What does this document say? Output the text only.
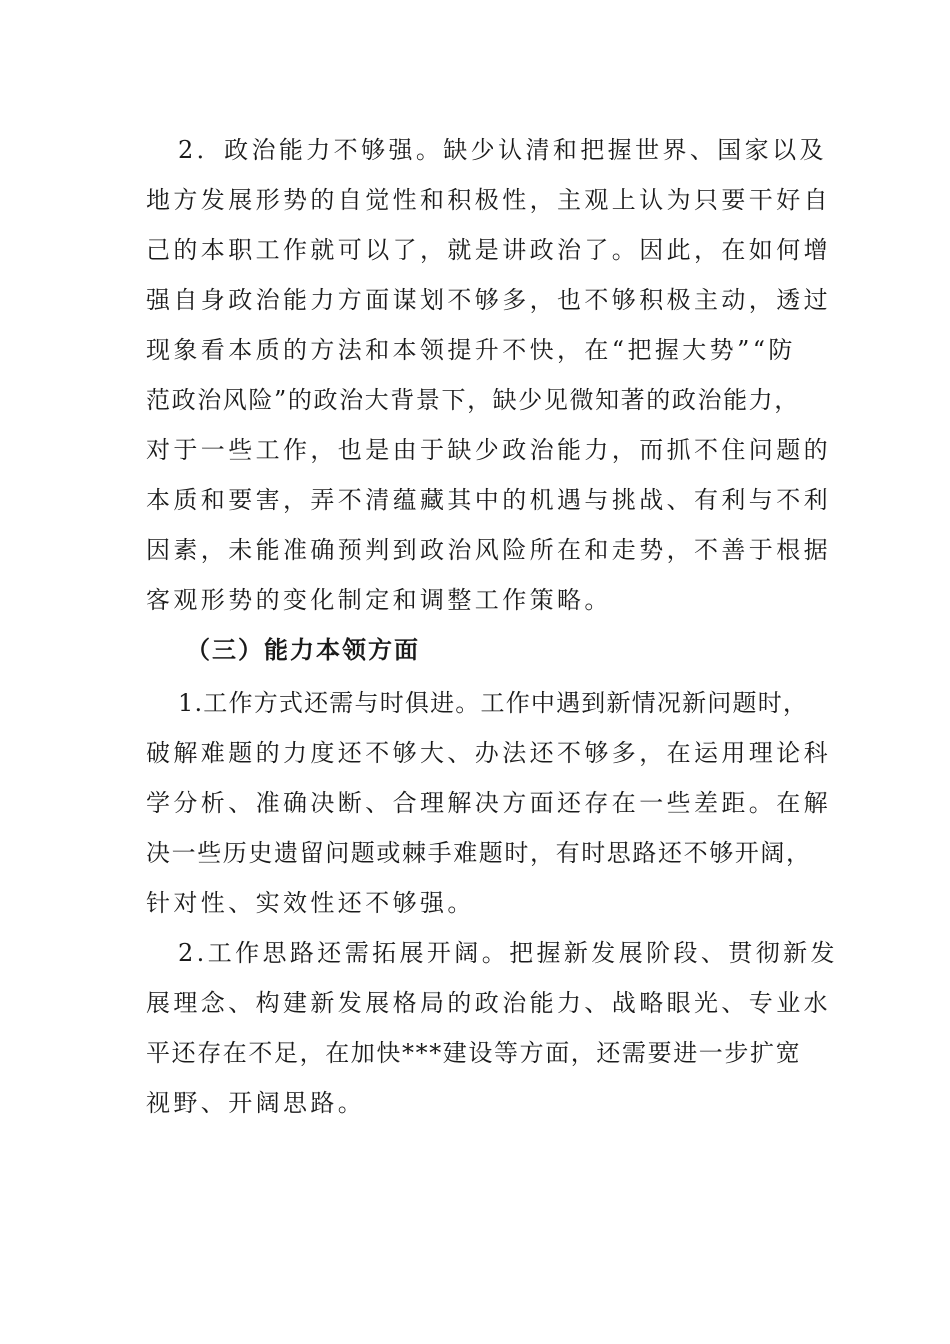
2．政治能力不够强。缺少认清和把握世界、国家以及
地方发展形势的自觉性和积极性，主观上认为只要干好自
己的本职工作就可以了，就是讲政治了。因此，在如何增
强自身政治能力方面谋划不够多，也不够积极主动，透过
现象看本质的方法和本领提升不快，在“把握大势”“防
范政治风险”的政治大背景下，缺少见微知著的政治能力，
对于一些工作，也是由于缺少政治能力，而抓不住问题的
本质和要害，弄不清蕴藏其中的机遇与挑战、有利与不利
因素，未能准确预判到政治风险所在和走势，不善于根据
客观形势的变化制定和调整工作策略。
（三）能力本领方面
1.工作方式还需与时俱进。工作中遇到新情况新问题时，
破解难题的力度还不够大、办法还不够多，在运用理论科
学分析、准确决断、合理解决方面还存在一些差距。在解
决一些历史遗留问题或棘手难题时，有时思路还不够开阔，
针对性、实效性还不够强。
2.工作思路还需拓展开阔。把握新发展阶段、贯彻新发
展理念、构建新发展格局的政治能力、战略眼光、专业水
平还存在不足，在加快***建设等方面，还需要进一步扩宽
视野、开阔思路。
